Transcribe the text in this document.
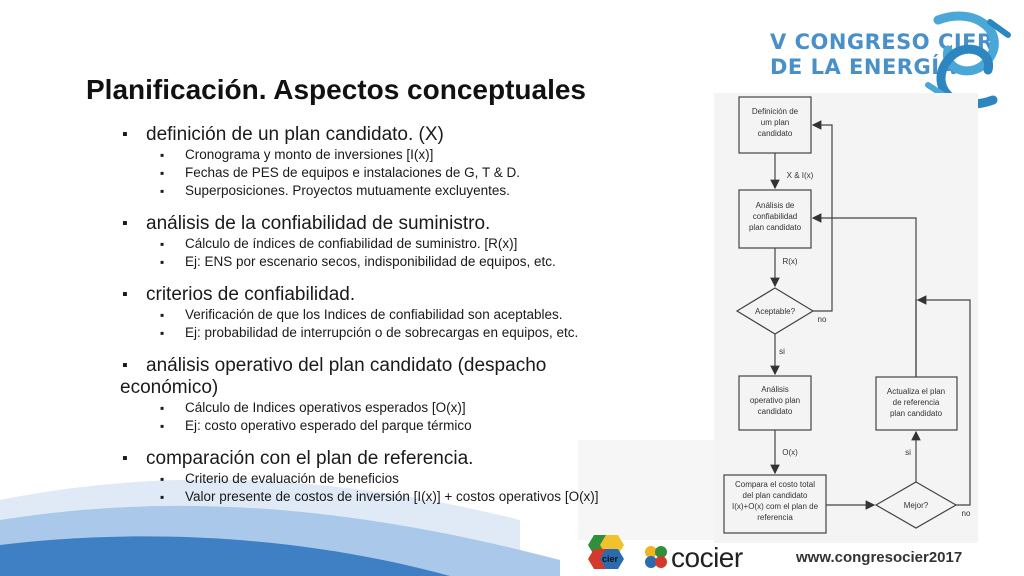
V CONGRESO CIER
DE LA ENERGÍA
Planificación. Aspectos conceptuales
▪ definición de un plan candidato. (X)
▪ Cronograma y monto de inversiones [I(x)]
▪ Fechas de PES de equipos e instalaciones de G, T & D.
▪ Superposiciones. Proyectos mutuamente excluyentes.
▪ análisis de la confiabilidad de suministro.
▪ Cálculo de índices de confiabilidad de suministro. [R(x)]
▪ Ej: ENS por escenario secos, indisponibilidad de equipos, etc.
▪ criterios de confiabilidad.
▪ Verificación de que los Indices de confiabilidad son aceptables.
▪ Ej: probabilidad de interrupción o de sobrecargas en equipos, etc.
▪ análisis operativo del plan candidato (despacho
económico)
▪ Cálculo de Indices operativos esperados [O(x)]
▪ Ej: costo operativo esperado del parque térmico
▪ comparación con el plan de referencia.
▪ Criterio de evaluación de beneficios
▪ Valor presente de costos de inversión [I(x)] + costos operativos [O(x)]
Definición de
um plan
candidato
X & I(x)
Análisis de
confiabilidad
plan candidato
R(x)
Aceptable?
no
si
Análisis
operativo plan
candidato
O(x)
Compara el costo total
del plan candidato
I(x)+O(x) com el plan de
referencia
Mejor?
no
si
Actualiza el plan
de referencia
plan candidato
cier cocier	www.congresocier2017
